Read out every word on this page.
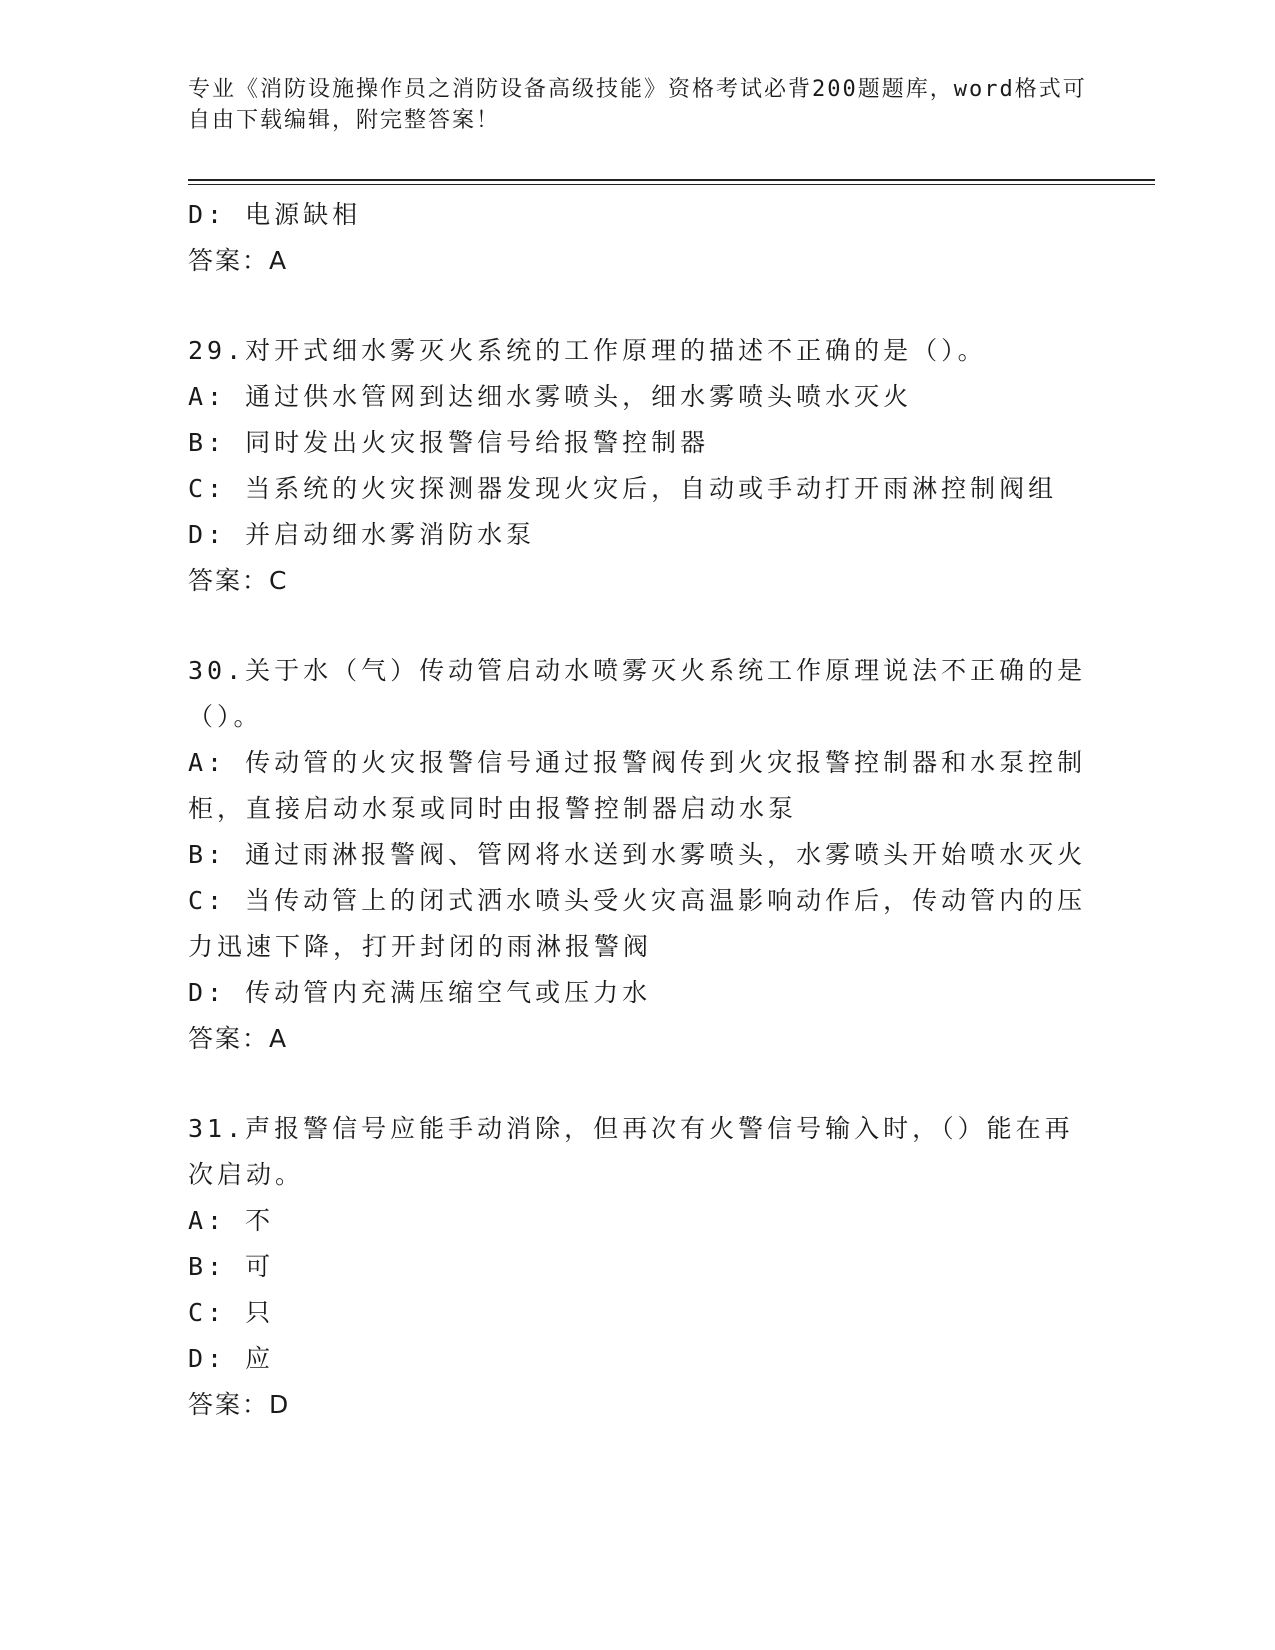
专业《消防设施操作员之消防设备高级技能》资格考试必背200题题库，word格式可自由下载编辑，附完整答案！

D: 电源缺相

答案：A

29.对开式细水雾灭火系统的工作原理的描述不正确的是（）。

A: 通过供水管网到达细水雾喷头，细水雾喷头喷水灭火

B: 同时发出火灾报警信号给报警控制器

C: 当系统的火灾探测器发现火灾后，自动或手动打开雨淋控制阀组

D: 并启动细水雾消防水泵

答案：C

30.关于水（气）传动管启动水喷雾灭火系统工作原理说法不正确的是

（）。

A: 传动管的火灾报警信号通过报警阀传到火灾报警控制器和水泵控制

柜，直接启动水泵或同时由报警控制器启动水泵

B: 通过雨淋报警阀、管网将水送到水雾喷头，水雾喷头开始喷水灭火

C: 当传动管上的闭式洒水喷头受火灾高温影响动作后，传动管内的压

力迅速下降，打开封闭的雨淋报警阀

D: 传动管内充满压缩空气或压力水

答案：A

31.声报警信号应能手动消除，但再次有火警信号输入时，（）能在再

次启动。

A: 不

B: 可

C: 只

D: 应

答案：D
